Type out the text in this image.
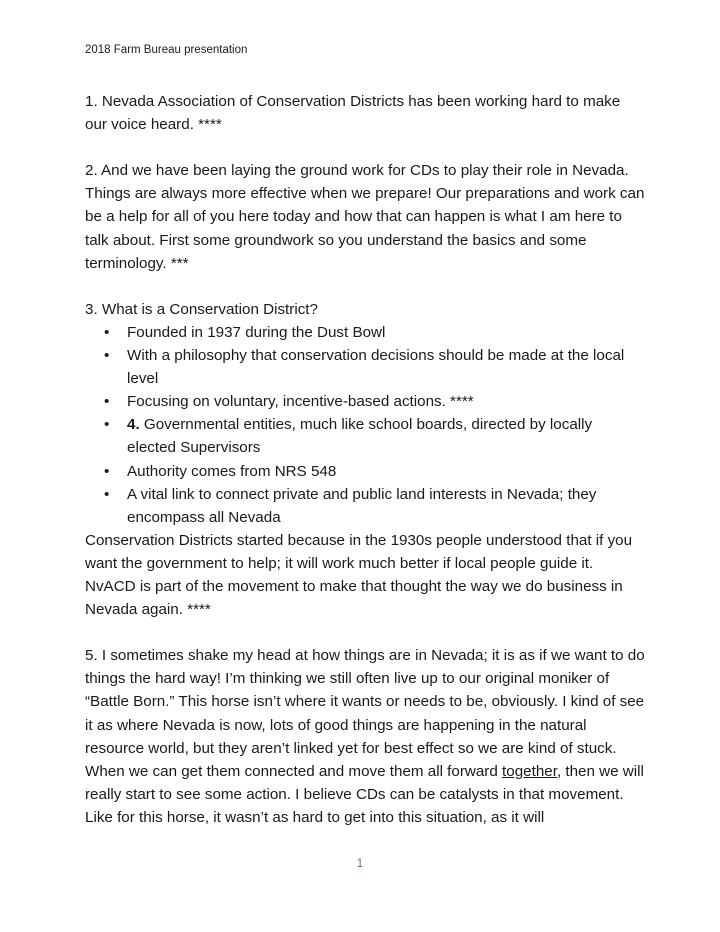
2018 Farm Bureau presentation

1. Nevada Association of Conservation Districts has been working hard to make our voice heard. ****

2. And we have been laying the ground work for CDs to play their role in Nevada. Things are always more effective when we prepare! Our preparations and work can be a help for all of you here today and how that can happen is what I am here to talk about. First some groundwork so you understand the basics and some terminology. ***

3. What is a Conservation District?

• Founded in 1937 during the Dust Bowl
• With a philosophy that conservation decisions should be made at the local level
• Focusing on voluntary, incentive-based actions. ****
• 4. Governmental entities, much like school boards, directed by locally elected Supervisors
• Authority comes from NRS 548
• A vital link to connect private and public land interests in Nevada; they encompass all Nevada

Conservation Districts started because in the 1930s people understood that if you want the government to help; it will work much better if local people guide it. NvACD is part of the movement to make that thought the way we do business in Nevada again. ****

5. I sometimes shake my head at how things are in Nevada; it is as if we want to do things the hard way! I’m thinking we still often live up to our original moniker of “Battle Born.” This horse isn’t where it wants or needs to be, obviously. I kind of see it as where Nevada is now, lots of good things are happening in the natural resource world, but they aren’t linked yet for best effect so we are kind of stuck. When we can get them connected and move them all forward together, then we will really start to see some action. I believe CDs can be catalysts in that movement. Like for this horse, it wasn’t as hard to get into this situation, as it will

1
